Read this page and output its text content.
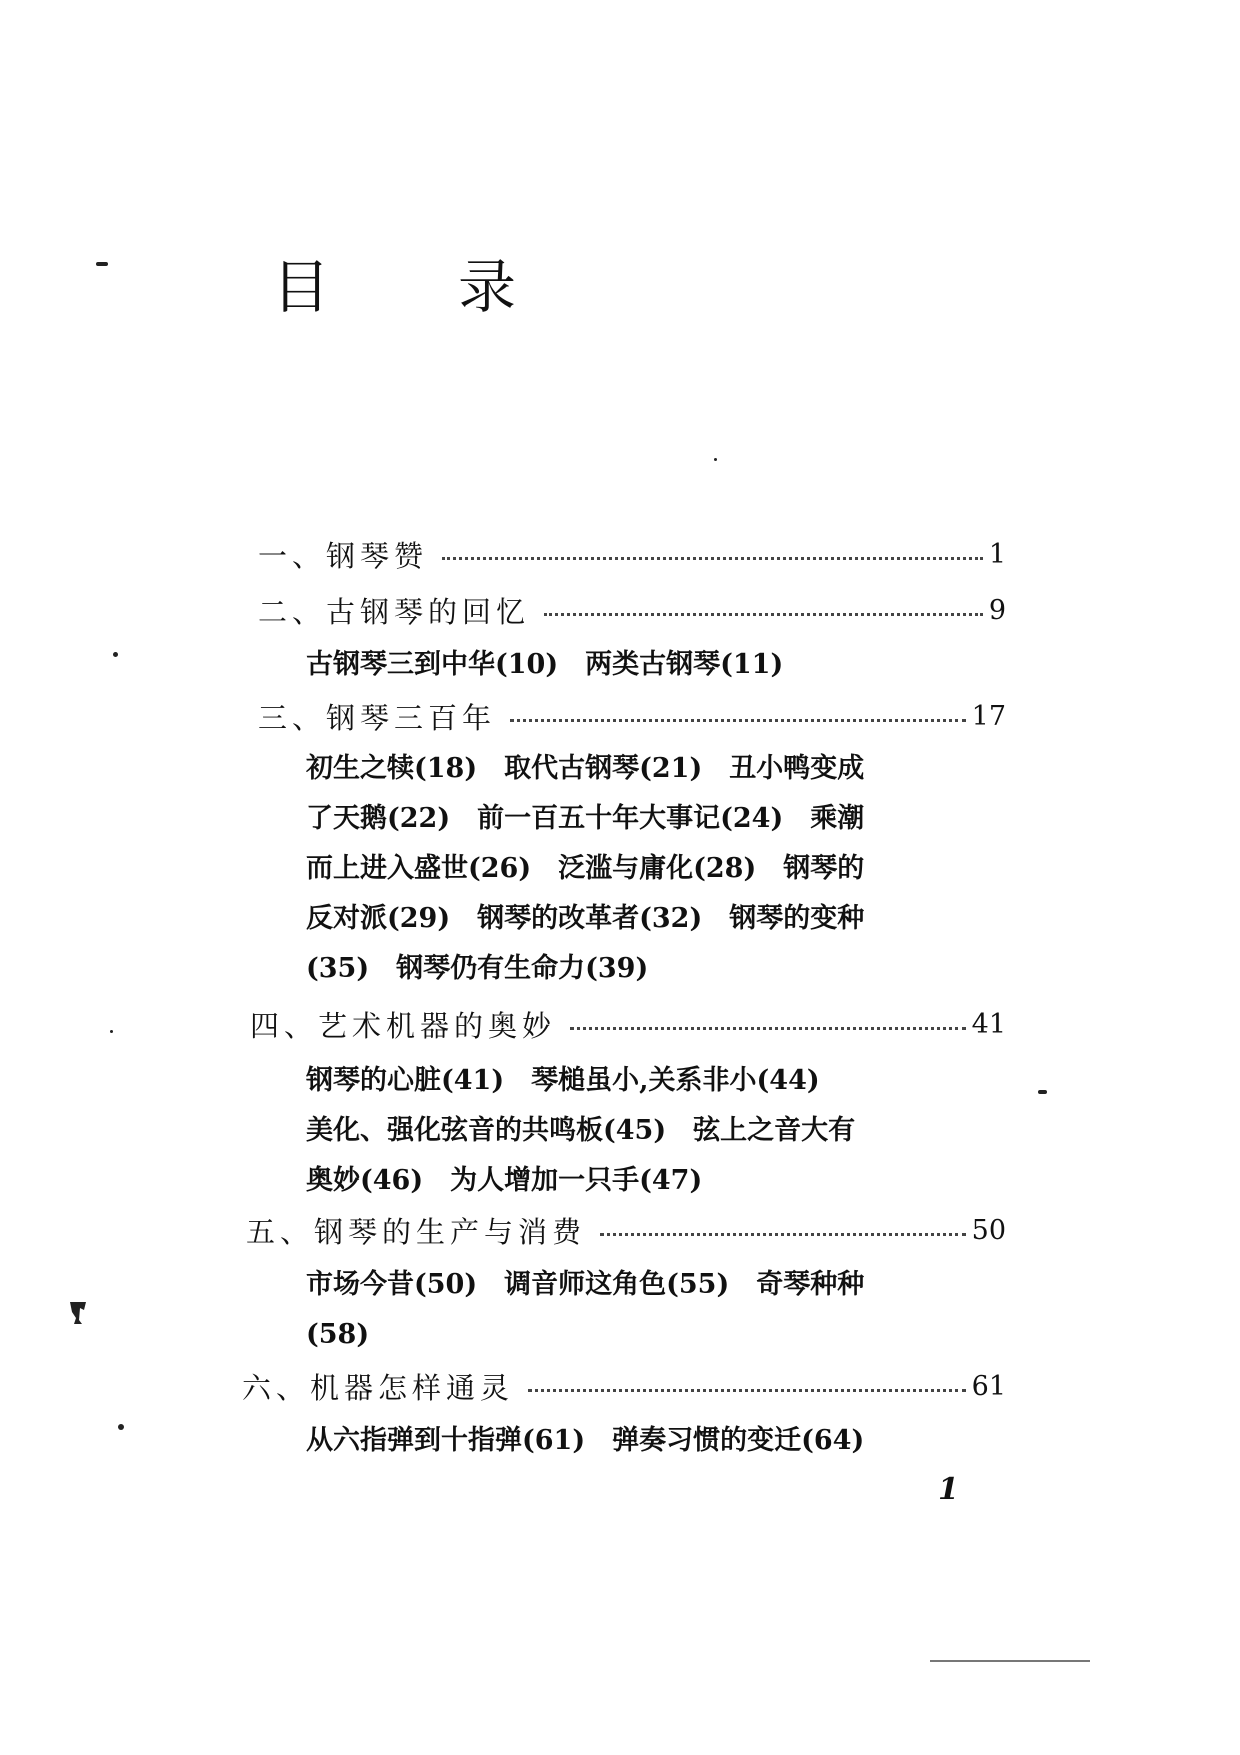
目录
一、钢琴赞	1
二、古钢琴的回忆	9
古钢琴三到中华(10)　两类古钢琴(11)
三、钢琴三百年	17
初生之犊(18)　取代古钢琴(21)　丑小鸭变成
了天鹅(22)　前一百五十年大事记(24)　乘潮
而上进入盛世(26)　泛滥与庸化(28)　钢琴的
反对派(29)　钢琴的改革者(32)　钢琴的变种
(35)　钢琴仍有生命力(39)
四、艺术机器的奥妙	41
钢琴的心脏(41)　琴槌虽小,关系非小(44)
美化、强化弦音的共鸣板(45)　弦上之音大有
奥妙(46)　为人增加一只手(47)
五、钢琴的生产与消费	50
市场今昔(50)　调音师这角色(55)　奇琴种种
(58)
六、机器怎样通灵	61
从六指弹到十指弹(61)　弹奏习惯的变迁(64)
1
